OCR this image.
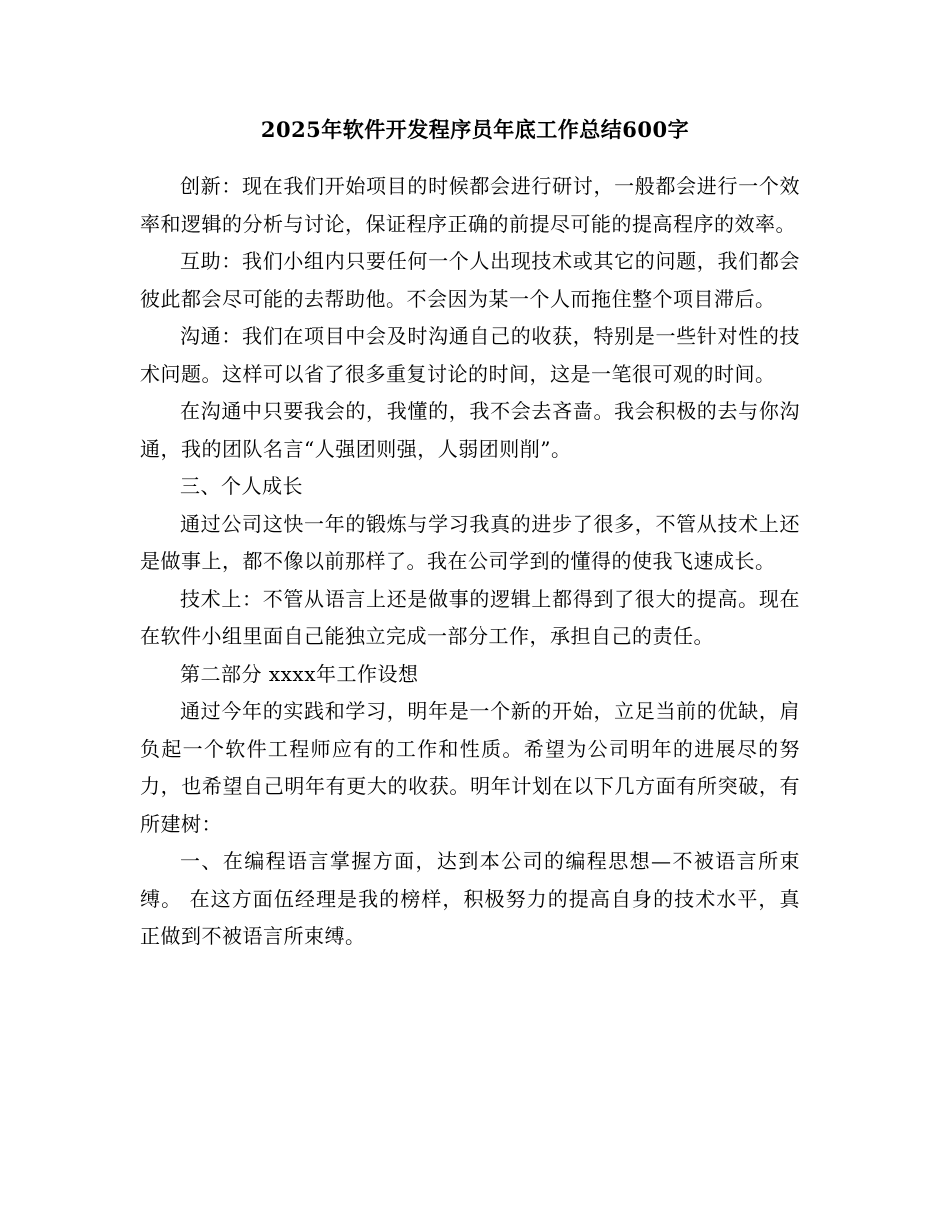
2025年软件开发程序员年底工作总结600字

创新：现在我们开始项目的时候都会进行研讨，一般都会进行一个效率和逻辑的分析与讨论，保证程序正确的前提尽可能的提高程序的效率。

互助：我们小组内只要任何一个人出现技术或其它的问题，我们都会彼此都会尽可能的去帮助他。不会因为某一个人而拖住整个项目滞后。

沟通：我们在项目中会及时沟通自己的收获，特别是一些针对性的技术问题。这样可以省了很多重复讨论的时间，这是一笔很可观的时间。

在沟通中只要我会的，我懂的，我不会去吝啬。我会积极的去与你沟通，我的团队名言“人强团则强，人弱团则削”。

三、个人成长

通过公司这快一年的锻炼与学习我真的进步了很多，不管从技术上还是做事上，都不像以前那样了。我在公司学到的懂得的使我飞速成长。

技术上：不管从语言上还是做事的逻辑上都得到了很大的提高。现在在软件小组里面自己能独立完成一部分工作，承担自己的责任。

第二部分 xxxx年工作设想

通过今年的实践和学习，明年是一个新的开始，立足当前的优缺，肩负起一个软件工程师应有的工作和性质。希望为公司明年的进展尽的努力，也希望自己明年有更大的收获。明年计划在以下几方面有所突破，有所建树：

一、在编程语言掌握方面，达到本公司的编程思想—不被语言所束缚。 在这方面伍经理是我的榜样，积极努力的提高自身的技术水平，真正做到不被语言所束缚。
